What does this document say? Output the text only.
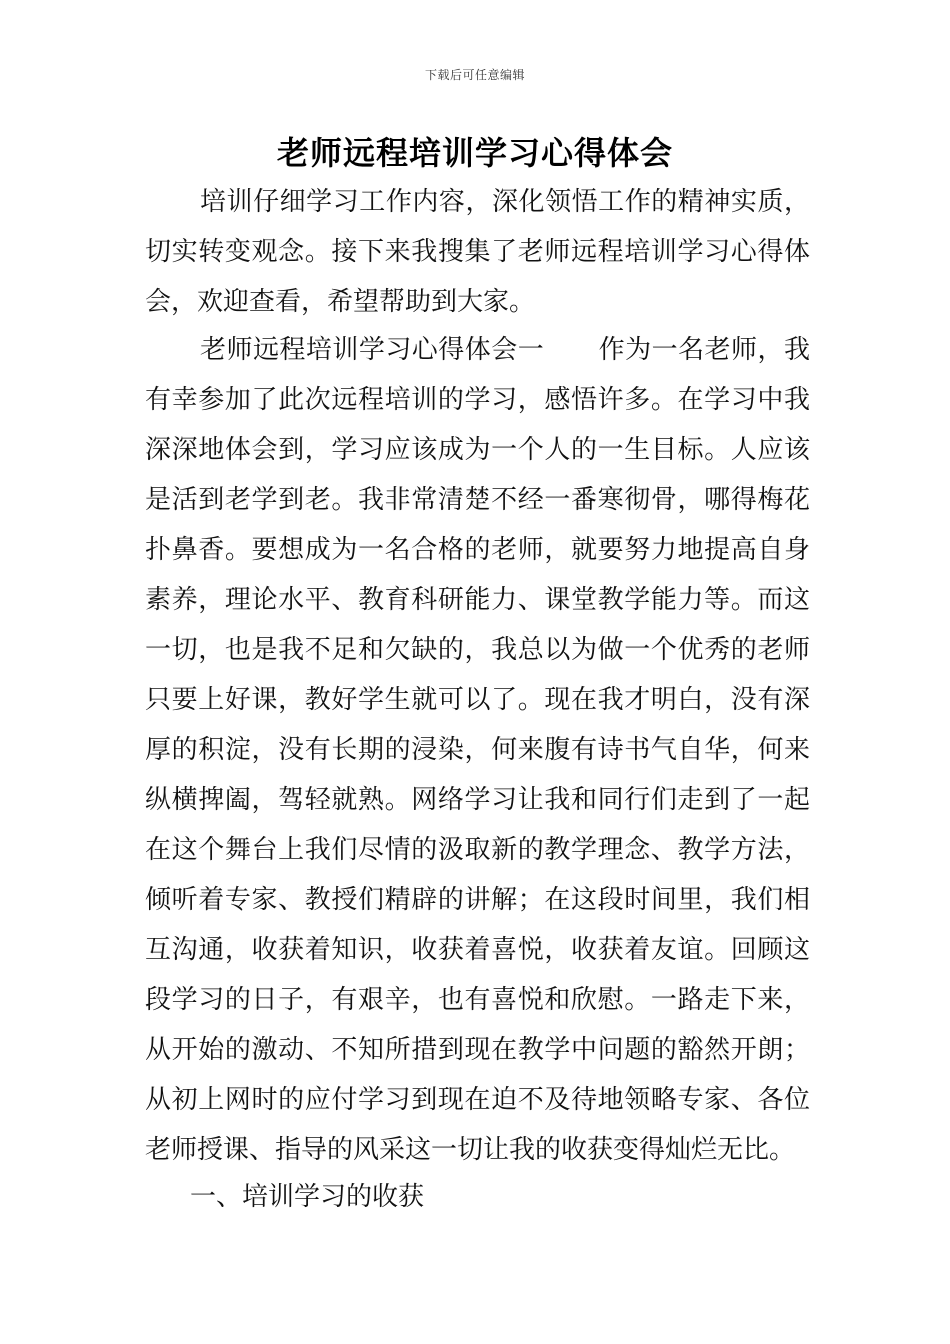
下载后可任意编辑
老师远程培训学习心得体会

培训仔细学习工作内容，深化领悟工作的精神实质，切实转变观念。接下来我搜集了老师远程培训学习心得体会，欢迎查看，希望帮助到大家。

老师远程培训学习心得体会一 作为一名老师，我有幸参加了此次远程培训的学习，感悟许多。在学习中我深深地体会到，学习应该成为一个人的一生目标。人应该是活到老学到老。我非常清楚不经一番寒彻骨，哪得梅花扑鼻香。要想成为一名合格的老师，就要努力地提高自身素养，理论水平、教育科研能力、课堂教学能力等。而这一切，也是我不足和欠缺的，我总以为做一个优秀的老师只要上好课，教好学生就可以了。现在我才明白，没有深厚的积淀，没有长期的浸染，何来腹有诗书气自华，何来纵横捭阖，驾轻就熟。网络学习让我和同行们走到了一起在这个舞台上我们尽情的汲取新的教学理念、教学方法，倾听着专家、教授们精辟的讲解；在这段时间里，我们相互沟通，收获着知识，收获着喜悦，收获着友谊。回顾这段学习的日子，有艰辛，也有喜悦和欣慰。一路走下来，从开始的激动、不知所措到现在教学中问题的豁然开朗；从初上网时的应付学习到现在迫不及待地领略专家、各位老师授课、指导的风采这一切让我的收获变得灿烂无比。

一、培训学习的收获
